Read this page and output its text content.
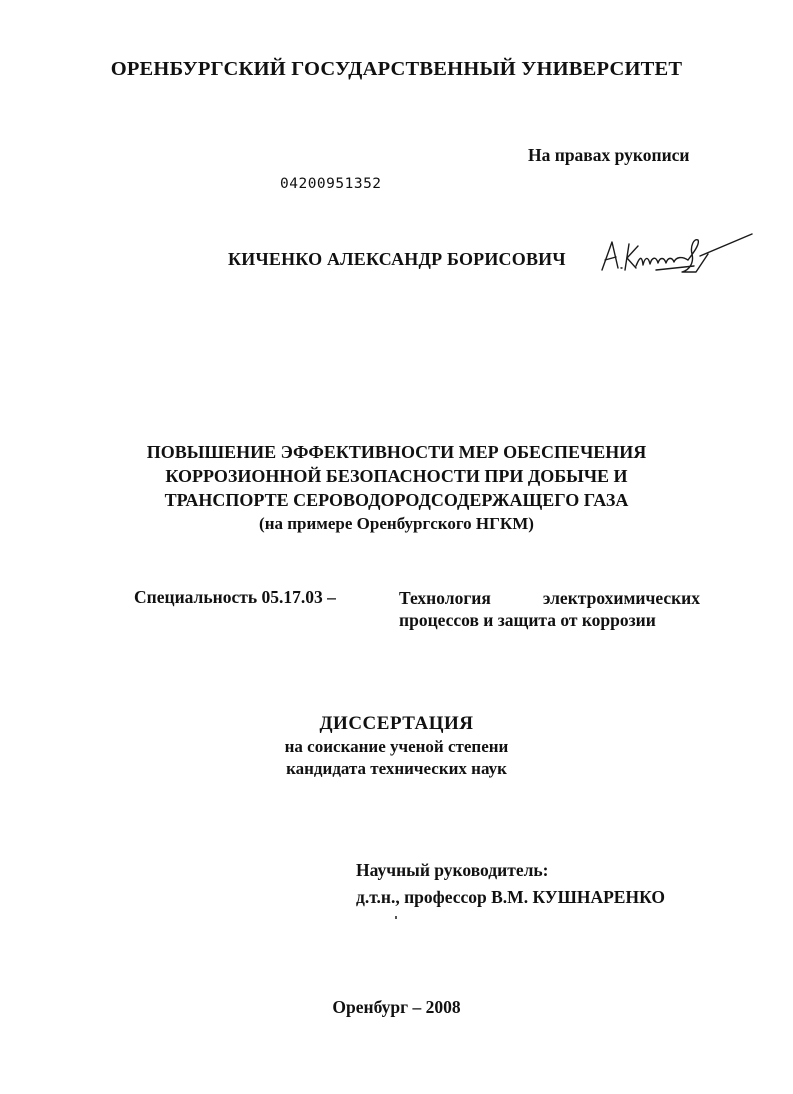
ОРЕНБУРГСКИЙ ГОСУДАРСТВЕННЫЙ УНИВЕРСИТЕТ
На правах рукописи
04200951352
КИЧЕНКО АЛЕКСАНДР БОРИСОВИЧ
ПОВЫШЕНИЕ ЭФФЕКТИВНОСТИ МЕР ОБЕСПЕЧЕНИЯ
КОРРОЗИОННОЙ БЕЗОПАСНОСТИ ПРИ ДОБЫЧЕ И
ТРАНСПОРТЕ СЕРОВОДОРОДСОДЕРЖАЩЕГО ГАЗА
(на примере Оренбургского НГКМ)
Специальность 05.17.03 –	Технология электрохимических
процессов и защита от коррозии
ДИССЕРТАЦИЯ
на соискание ученой степени
кандидата технических наук
Научный руководитель:
д.т.н., профессор В.М. КУШНАРЕНКО
Оренбург – 2008
